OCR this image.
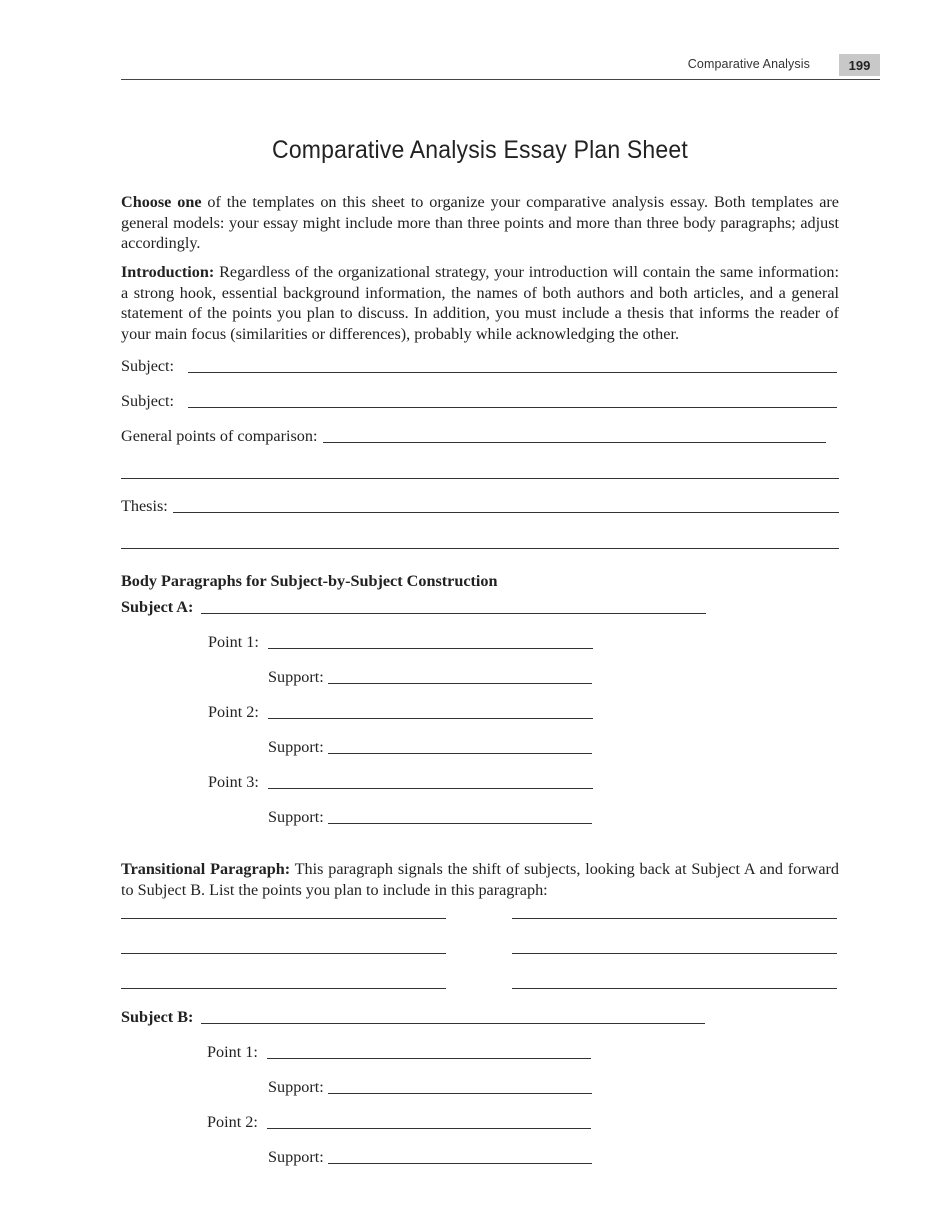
Comparative Analysis	199
Comparative Analysis Essay Plan Sheet

Choose one of the templates on this sheet to organize your comparative analysis essay. Both templates are general models: your essay might include more than three points and more than three body paragraphs; adjust accordingly.

Introduction: Regardless of the organizational strategy, your introduction will contain the same information: a strong hook, essential background information, the names of both authors and both articles, and a general statement of the points you plan to discuss. In addition, you must include a thesis that informs the reader of your main focus (similarities or differences), probably while acknowledging the other.

Subject:
Subject:
General points of comparison:
Thesis:
Body Paragraphs for Subject-by-Subject Construction
Subject A:
Point 1:
Support:
Point 2:
Support:
Point 3:
Support:

Transitional Paragraph: This paragraph signals the shift of subjects, looking back at Subject A and forward to Subject B. List the points you plan to include in this paragraph:

Subject B:
Point 1:
Support:
Point 2:
Support:
